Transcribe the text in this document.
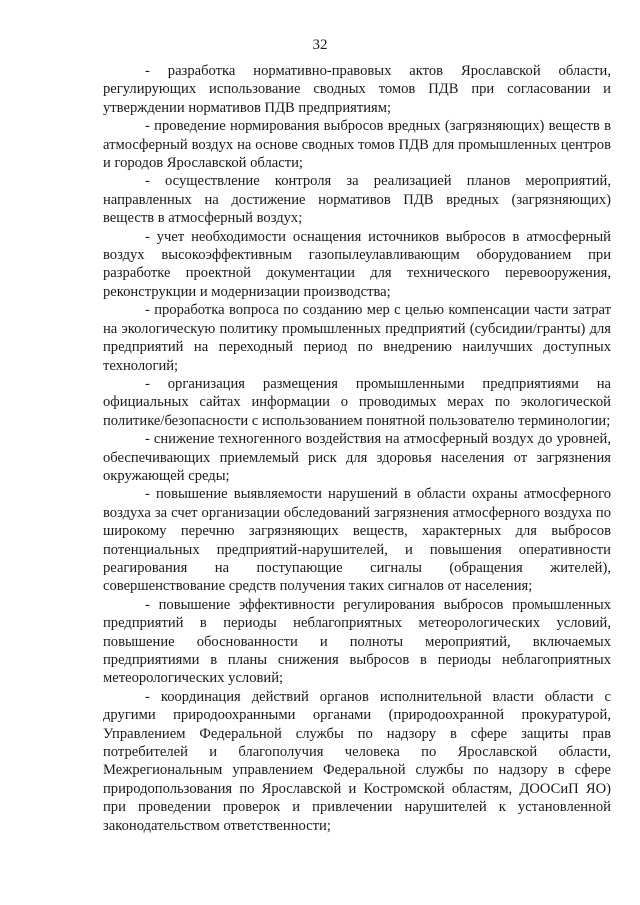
32

- разработка нормативно-правовых актов Ярославской области, регулирующих использование сводных томов ПДВ при согласовании и утверждении нормативов ПДВ предприятиям;

- проведение нормирования выбросов вредных (загрязняющих) веществ в атмосферный воздух на основе сводных томов ПДВ для промышленных центров и городов Ярославской области;

- осуществление контроля за реализацией планов мероприятий, направленных на достижение нормативов ПДВ вредных (загрязняющих) веществ в атмосферный воздух;

- учет необходимости оснащения источников выбросов в атмосферный воздух высокоэффективным газопылеулавливающим оборудованием при разработке проектной документации для технического перевооружения, реконструкции и модернизации производства;

- проработка вопроса по созданию мер с целью компенсации части затрат на экологическую политику промышленных предприятий (субсидии/гранты) для предприятий на переходный период по внедрению наилучших доступных технологий;

- организация размещения промышленными предприятиями на официальных сайтах информации о проводимых мерах по экологической политике/безопасности с использованием понятной пользователю терминологии;

- снижение техногенного воздействия на атмосферный воздух до уровней, обеспечивающих приемлемый риск для здоровья населения от загрязнения окружающей среды;

- повышение выявляемости нарушений в области охраны атмосферного воздуха за счет организации обследований загрязнения атмосферного воздуха по широкому перечню загрязняющих веществ, характерных для выбросов потенциальных предприятий-нарушителей, и повышения оперативности реагирования на поступающие сигналы (обращения жителей), совершенствование средств получения таких сигналов от населения;

- повышение эффективности регулирования выбросов промышленных предприятий в периоды неблагоприятных метеорологических условий, повышение обоснованности и полноты мероприятий, включаемых предприятиями в планы снижения выбросов в периоды неблагоприятных метеорологических условий;

- координация действий органов исполнительной власти области с другими природоохранными органами (природоохранной прокуратурой, Управлением Федеральной службы по надзору в сфере защиты прав потребителей и благополучия человека по Ярославской области, Межрегиональным управлением Федеральной службы по надзору в сфере природопользования по Ярославской и Костромской областям, ДООСиП ЯО) при проведении проверок и привлечении нарушителей к установленной законодательством ответственности;
